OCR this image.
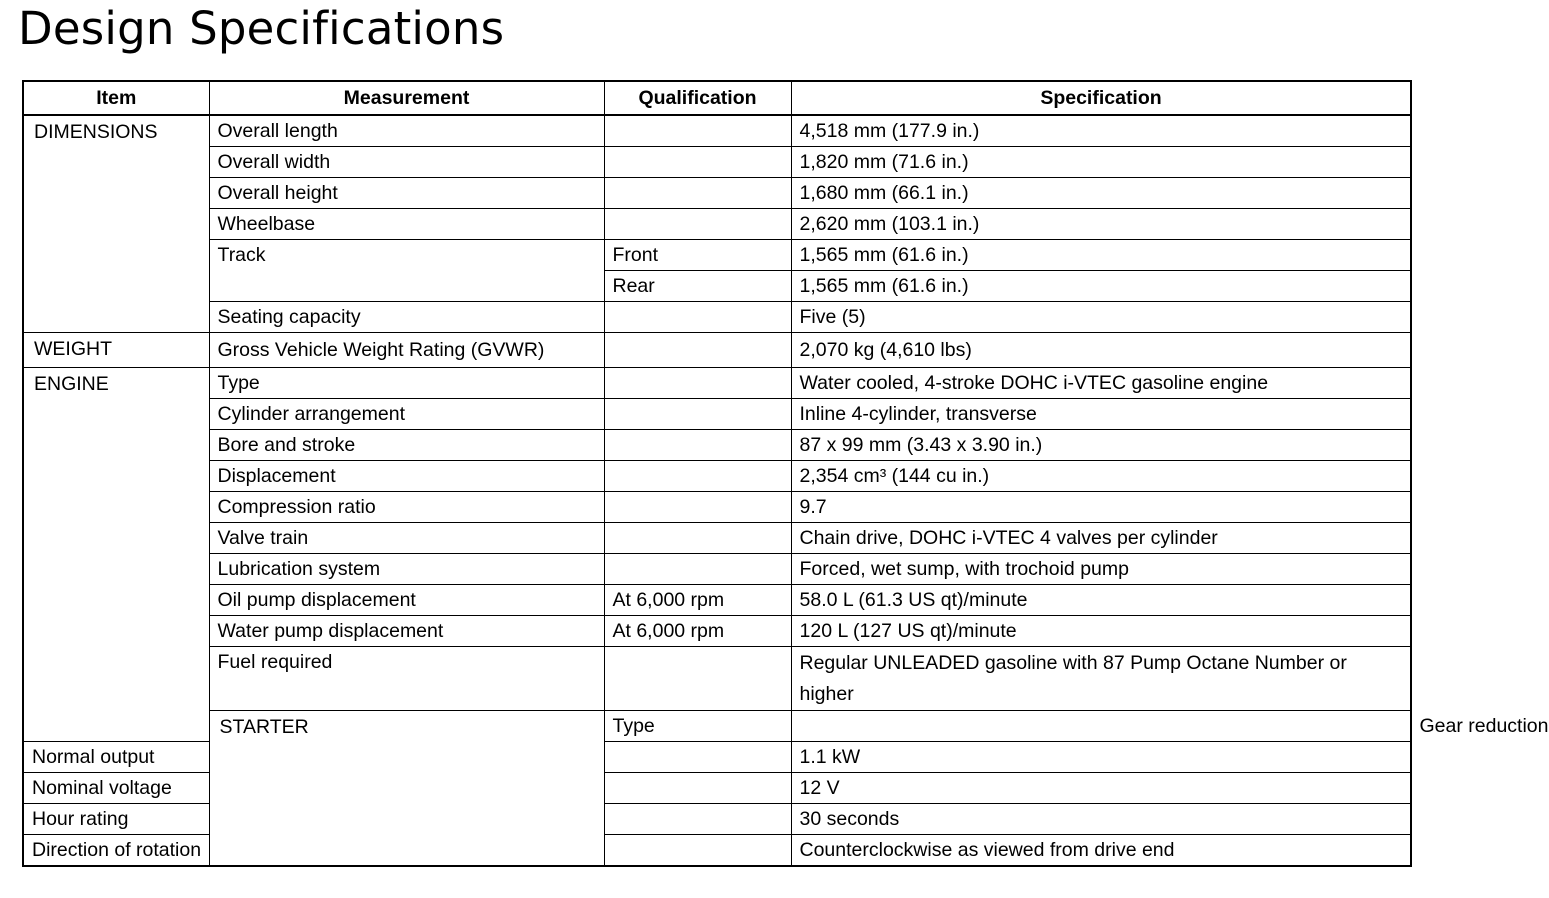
Design Specifications
Item	Measurement	Qualification	Specification	
DIMENSIONS	Overall length		4,518 mm (177.9 in.)	
	Overall width		1,820 mm (71.6 in.)	
	Overall height		1,680 mm (66.1 in.)	
	Wheelbase		2,620 mm (103.1 in.)	
	Track	Front	1,565 mm (61.6 in.)	
		Rear	1,565 mm (61.6 in.)	
	Seating capacity		Five (5)	
WEIGHT	Gross Vehicle Weight Rating (GVWR)		2,070 kg (4,610 lbs)	
ENGINE	Type		Water cooled, 4-stroke DOHC i-VTEC gasoline engine	
	Cylinder arrangement		Inline 4-cylinder, transverse	
	Bore and stroke		87 x 99 mm (3.43 x 3.90 in.)	
	Displacement		2,354 cm³ (144 cu in.)	
	Compression ratio		9.7	
	Valve train		Chain drive, DOHC i-VTEC 4 valves per cylinder	
	Lubrication system		Forced, wet sump, with trochoid pump	
	Oil pump displacement	At 6,000 rpm	58.0 L (61.3 US qt)/minute	
	Water pump displacement	At 6,000 rpm	120 L (127 US qt)/minute	
	Fuel required		Regular UNLEADED gasoline with 87 Pump Octane Number or higher	
	STARTER	Type		Gear reduction
Normal output			1.1 kW	
Nominal voltage			12 V	
Hour rating			30 seconds	
Direction of rotation			Counterclockwise as viewed from drive end	
